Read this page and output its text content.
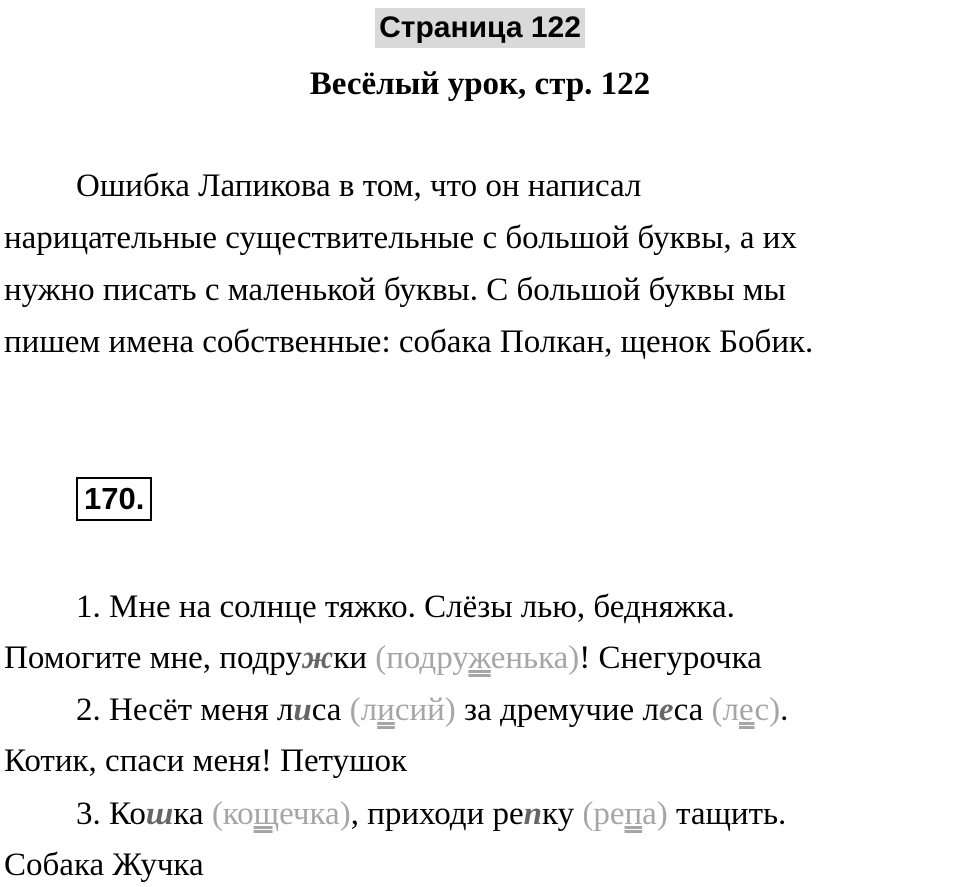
Страница 122
Весёлый урок, стр. 122
Ошибка Лапикова в том, что он написал
нарицательные существительные с большой буквы, а их
нужно писать с маленькой буквы. С большой буквы мы
пишем имена собственные: собака Полкан, щенок Бобик.
170.
1. Мне на солнце тяжко. Слёзы лью, бедняжка.
Помогите мне, подружки (подруженька)! Снегурочка
2. Несёт меня лиса (лисий) за дремучие леса (лес).
Котик, спаси меня! Петушок
3. Кошка (кощечка), приходи репку (репа) тащить.
Собака Жучка
